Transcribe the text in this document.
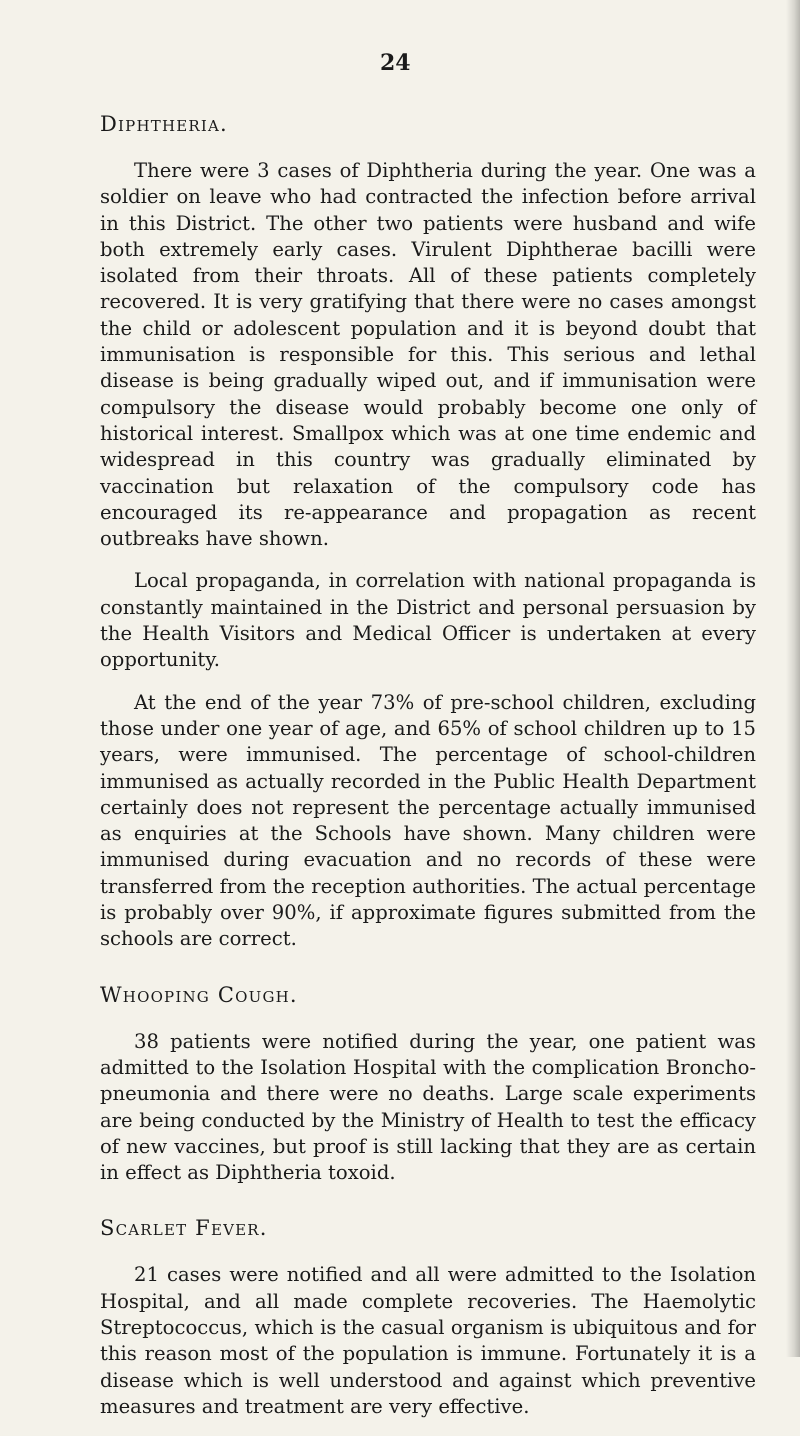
24
Diphtheria.

There were 3 cases of Diphtheria during the year. One was a soldier on leave who had contracted the infection before arrival in this District. The other two patients were husband and wife both extremely early cases. Virulent Diphtherae bacilli were isolated from their throats. All of these patients completely recovered. It is very gratifying that there were no cases amongst the child or adolescent population and it is beyond doubt that immunisation is responsible for this. This serious and lethal disease is being gradually wiped out, and if immunisation were compulsory the disease would probably become one only of historical interest. Smallpox which was at one time endemic and widespread in this country was gradually eliminated by vaccination but relaxation of the compulsory code has encouraged its re-appearance and propagation as recent outbreaks have shown.

Local propaganda, in correlation with national propaganda is constantly maintained in the District and personal persuasion by the Health Visitors and Medical Officer is undertaken at every opportunity.

At the end of the year 73% of pre-school children, excluding those under one year of age, and 65% of school children up to 15 years, were immunised. The percentage of school-children immunised as actually recorded in the Public Health Department certainly does not represent the percentage actually immunised as enquiries at the Schools have shown. Many children were immunised during evacuation and no records of these were transferred from the reception authorities. The actual percentage is probably over 90%, if approximate figures submitted from the schools are correct.

Whooping Cough.

38 patients were notified during the year, one patient was admitted to the Isolation Hospital with the complication Broncho-pneumonia and there were no deaths. Large scale experiments are being conducted by the Ministry of Health to test the efficacy of new vaccines, but proof is still lacking that they are as certain in effect as Diphtheria toxoid.

Scarlet Fever.

21 cases were notified and all were admitted to the Isolation Hospital, and all made complete recoveries. The Haemolytic Streptococcus, which is the casual organism is ubiquitous and for this reason most of the population is immune. Fortunately it is a disease which is well understood and against which preventive measures and treatment are very effective.
